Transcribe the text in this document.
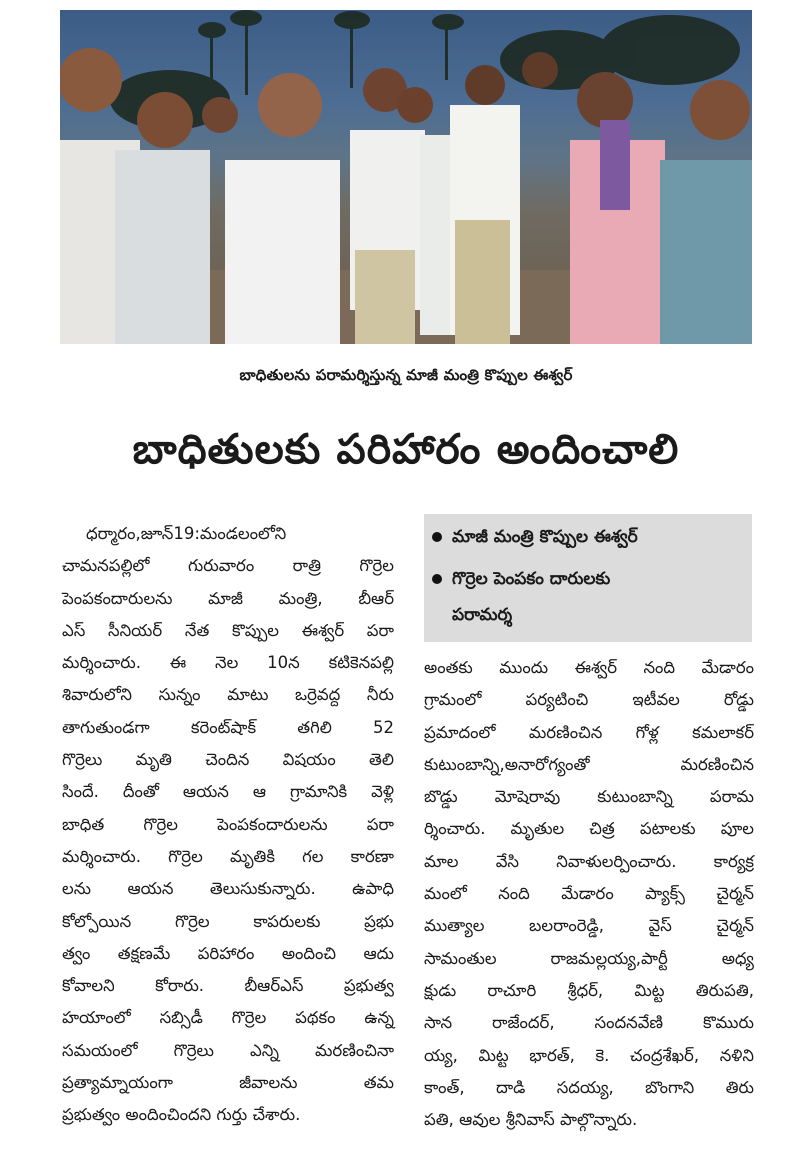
బాధితులను పరామర్శిస్తున్న మాజీ మంత్రి కొప్పుల ఈశ్వర్
బాధితులకు పరిహారం అందించాలి
మాజీ మంత్రి కొప్పుల ఈశ్వర్
గొర్రెల పెంపకం దారులకు
పరామర్శ

ధర్మారం,జూన్19:మండలంలోని

చామనపల్లిలో గురువారం రాత్రి గొర్రెల

పెంపకందారులను మాజీ మంత్రి, బీఆర్

ఎస్ సీనియర్ నేత కొప్పుల ఈశ్వర్ పరా

మర్శించారు. ఈ నెల 10న కటికెనపల్లి

శివారులోని సున్నం మాటు ఒర్రెవద్ద నీరు

తాగుతుండగా కరెంట్‌షాక్ తగిలి 52

గొర్రెలు మృతి చెందిన విషయం తెలి

సిందే. దీంతో ఆయన ఆ గ్రామానికి వెళ్లి

బాధిత గొర్రెల పెంపకందారులను పరా

మర్శించారు. గొర్రెల మృతికి గల కారణా

లను ఆయన తెలుసుకున్నారు. ఉపాధి

కోల్పోయిన గొర్రెల కాపరులకు ప్రభు

త్వం తక్షణమే పరిహారం అందించి ఆదు

కోవాలని కోరారు. బీఆర్ఎస్ ప్రభుత్వ

హయాంలో సబ్సిడీ గొర్రెల పథకం ఉన్న

సమయంలో గొర్రెలు ఎన్ని మరణించినా

ప్రత్యామ్నాయంగా జీవాలను తమ

ప్రభుత్వం అందించిందని గుర్తు చేశారు.

అంతకు ముందు ఈశ్వర్ నంది మేడారం

గ్రామంలో పర్యటించి ఇటీవల రోడ్డు

ప్రమాదంలో మరణించిన గోళ్ల కమలాకర్

కుటుంబాన్ని,అనారోగ్యంతో మరణించిన

బొడ్డు మోషెరావు కుటుంబాన్ని పరామ

ర్శించారు. మృతుల చిత్ర పటాలకు పూల

మాల వేసి నివాళులర్పించారు. కార్యక్ర

మంలో నంది మేడారం ప్యాక్స్ చైర్మన్

ముత్యాల బలరాంరెడ్డి, వైస్ చైర్మన్

సామంతుల రాజమల్లయ్య,పార్టీ అధ్య

క్షుడు రాచూరి శ్రీధర్, మిట్ట తిరుపతి,

సాన రాజేందర్, సందనవేణి కొమురు

య్య, మిట్ట భారత్, కె. చంద్రశేఖర్, నళిని

కాంత్, దాడి సదయ్య, బొంగాని తిరు

పతి, ఆవుల శ్రీనివాస్ పాల్గొన్నారు.
